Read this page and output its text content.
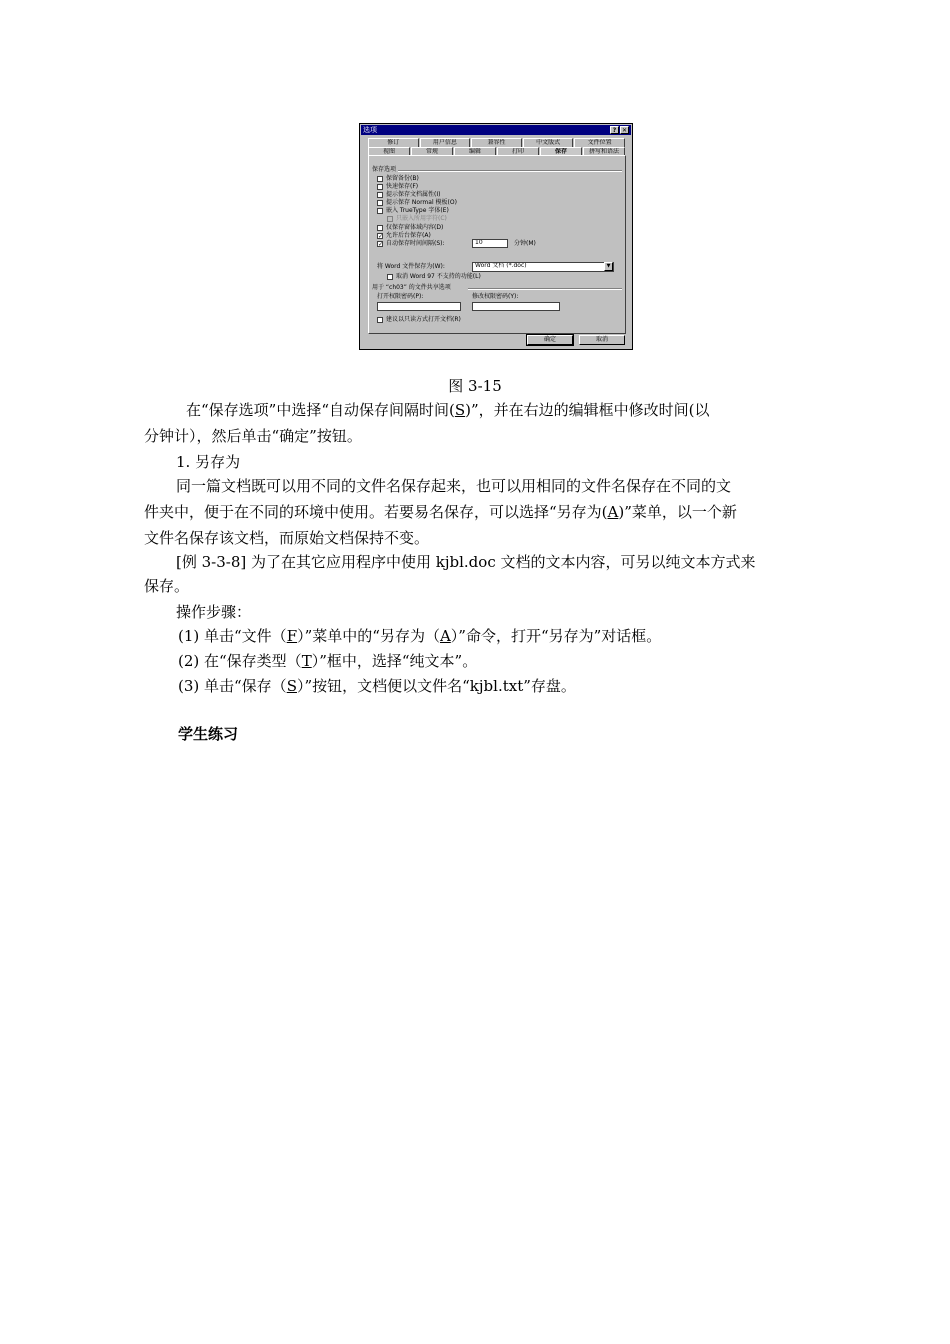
选项	? ✕
修订	用户信息	兼容性	中文版式	文件位置
视图	常规	编辑	打印	保存	拼写和语法
保存选项
保留备份(B)
快速保存(F)
提示保存文档属性(I)
提示保存 Normal 模板(O)
嵌入 TrueType 字体(E)
只嵌入所用字符(C)
仅保存窗体域内容(D)
✓ 允许后台保存(A)
✓ 自动保存时间间隔(S):	10	分钟(M)
将 Word 文件保存为(W):	Word 文档 (*.doc)	▼
取消 Word 97 不支持的功能(L)
用于 “ch03” 的文件共享选项
打开权限密码(P):	修改权限密码(Y):
建议以只读方式打开文档(R)
确定	取消
图 3-15
在“保存选项”中选择“自动保存间隔时间(S)”，并在右边的编辑框中修改时间(以
分钟计），然后单击“确定”按钮。
1. 另存为
同一篇文档既可以用不同的文件名保存起来，也可以用相同的文件名保存在不同的文
件夹中，便于在不同的环境中使用。若要易名保存，可以选择“另存为(A)”菜单，以一个新
文件名保存该文档，而原始文档保持不变。
[例 3-3-8] 为了在其它应用程序中使用 kjbl.doc 文档的文本内容，可另以纯文本方式来
保存。
操作步骤：
(1) 单击“文件（F）”菜单中的“另存为（A）”命令，打开“另存为”对话框。
(2) 在“保存类型（T）”框中，选择“纯文本”。
(3) 单击“保存（S）”按钮，文档便以文件名“kjbl.txt”存盘。
学生练习
